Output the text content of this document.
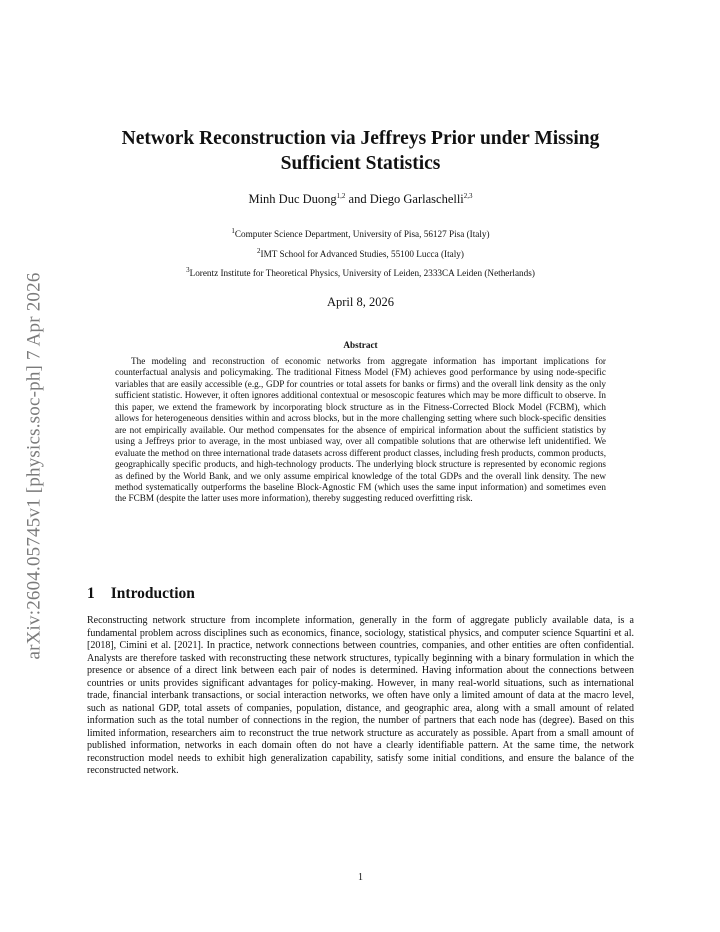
arXiv:2604.05745v1 [physics.soc-ph] 7 Apr 2026
Network Reconstruction via Jeffreys Prior under Missing Sufficient Statistics
Minh Duc Duong$^{1,2}$ and Diego Garlaschelli$^{2,3}$
$^1$Computer Science Department, University of Pisa, 56127 Pisa (Italy)
$^2$IMT School for Advanced Studies, 55100 Lucca (Italy)
$^3$Lorentz Institute for Theoretical Physics, University of Leiden, 2333CA Leiden (Netherlands)
April 8, 2026
Abstract
The modeling and reconstruction of economic networks from aggregate information has important implications for counterfactual analysis and policymaking. The traditional Fitness Model (FM) achieves good performance by using node-specific variables that are easily accessible (e.g., GDP for countries or total assets for banks or firms) and the overall link density as the only sufficient statistic. However, it often ignores additional contextual or mesoscopic features which may be more difficult to observe. In this paper, we extend the framework by incorporating block structure as in the Fitness-Corrected Block Model (FCBM), which allows for heterogeneous densities within and across blocks, but in the more challenging setting where such block-specific densities are not empirically available. Our method compensates for the absence of empirical information about the sufficient statistics by using a Jeffreys prior to average, in the most unbiased way, over all compatible solutions that are otherwise left unidentified. We evaluate the method on three international trade datasets across different product classes, including fresh products, common products, geographically specific products, and high-technology products. The underlying block structure is represented by economic regions as defined by the World Bank, and we only assume empirical knowledge of the total GDPs and the overall link density. The new method systematically outperforms the baseline Block-Agnostic FM (which uses the same input information) and sometimes even the FCBM (despite the latter uses more information), thereby suggesting reduced overfitting risk.
1 Introduction
Reconstructing network structure from incomplete information, generally in the form of aggregate publicly available data, is a fundamental problem across disciplines such as economics, finance, sociology, statistical physics, and computer science Squartini et al. [2018], Cimini et al. [2021]. In practice, network connections between countries, companies, and other entities are often confidential. Analysts are therefore tasked with reconstructing these network structures, typically beginning with a binary formulation in which the presence or absence of a direct link between each pair of nodes is determined. Having information about the connections between countries or units provides significant advantages for policy-making. However, in many real-world situations, such as international trade, financial interbank transactions, or social interaction networks, we often have only a limited amount of data at the macro level, such as national GDP, total assets of companies, population, distance, and geographic area, along with a small amount of related information such as the total number of connections in the region, the number of partners that each node has (degree). Based on this limited information, researchers aim to reconstruct the true network structure as accurately as possible. Apart from a small amount of published information, networks in each domain often do not have a clearly identifiable pattern. At the same time, the network reconstruction model needs to exhibit high generalization capability, satisfy some initial conditions, and ensure the balance of the reconstructed network.
1
